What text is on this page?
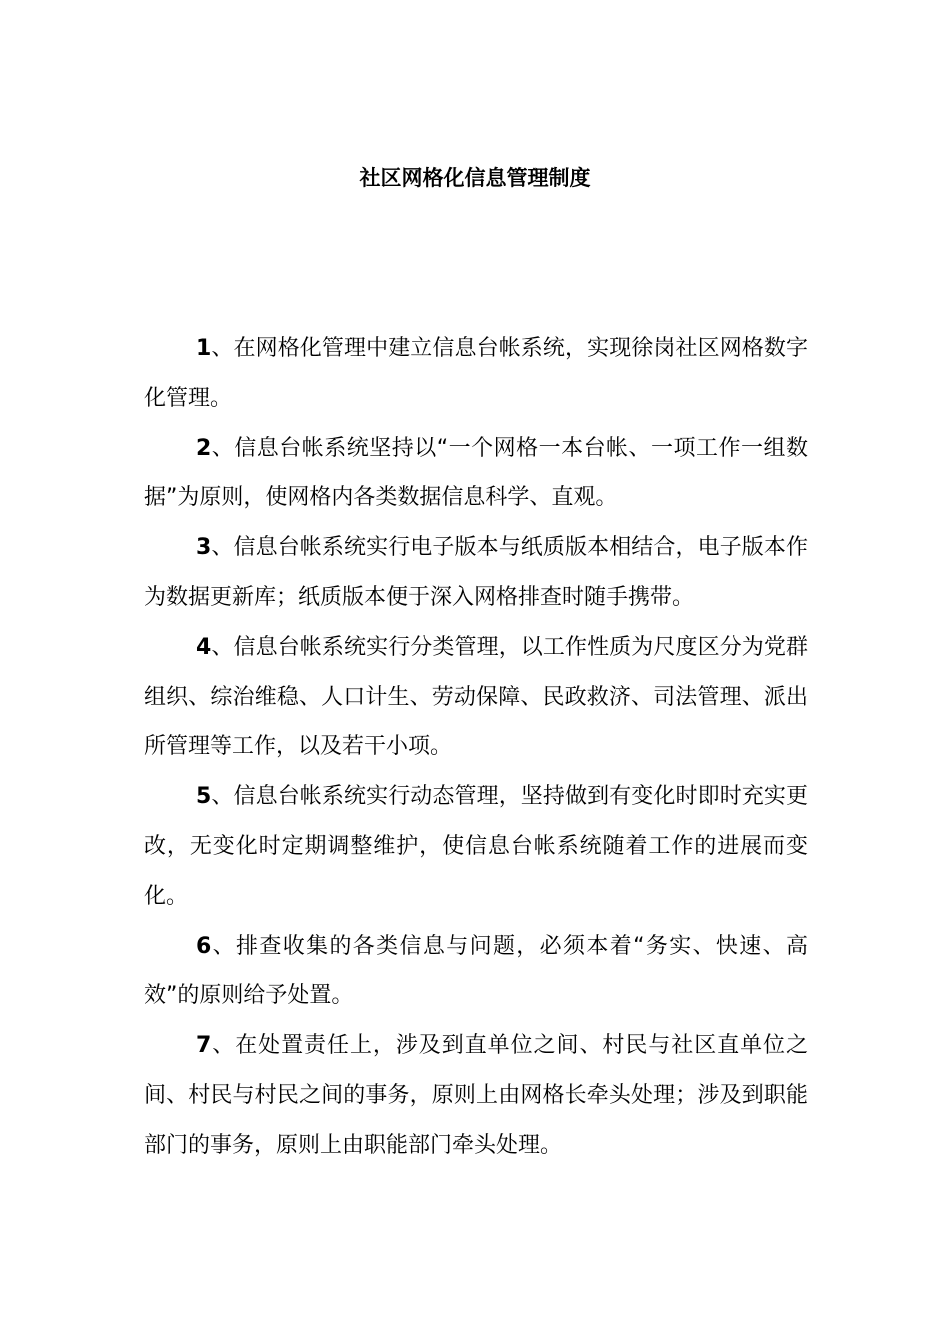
社区网格化信息管理制度

1、在网格化管理中建立信息台帐系统，实现徐岗社区网格数字化管理。

2、信息台帐系统坚持以“一个网格一本台帐、一项工作一组数据”为原则，使网格内各类数据信息科学、直观。

3、信息台帐系统实行电子版本与纸质版本相结合，电子版本作为数据更新库；纸质版本便于深入网格排查时随手携带。

4、信息台帐系统实行分类管理，以工作性质为尺度区分为党群组织、综治维稳、人口计生、劳动保障、民政救济、司法管理、派出所管理等工作，以及若干小项。

5、信息台帐系统实行动态管理，坚持做到有变化时即时充实更改，无变化时定期调整维护，使信息台帐系统随着工作的进展而变化。

6、排查收集的各类信息与问题，必须本着“务实、快速、高效”的原则给予处置。

7、在处置责任上，涉及到直单位之间、村民与社区直单位之间、村民与村民之间的事务，原则上由网格长牵头处理；涉及到职能部门的事务，原则上由职能部门牵头处理。
